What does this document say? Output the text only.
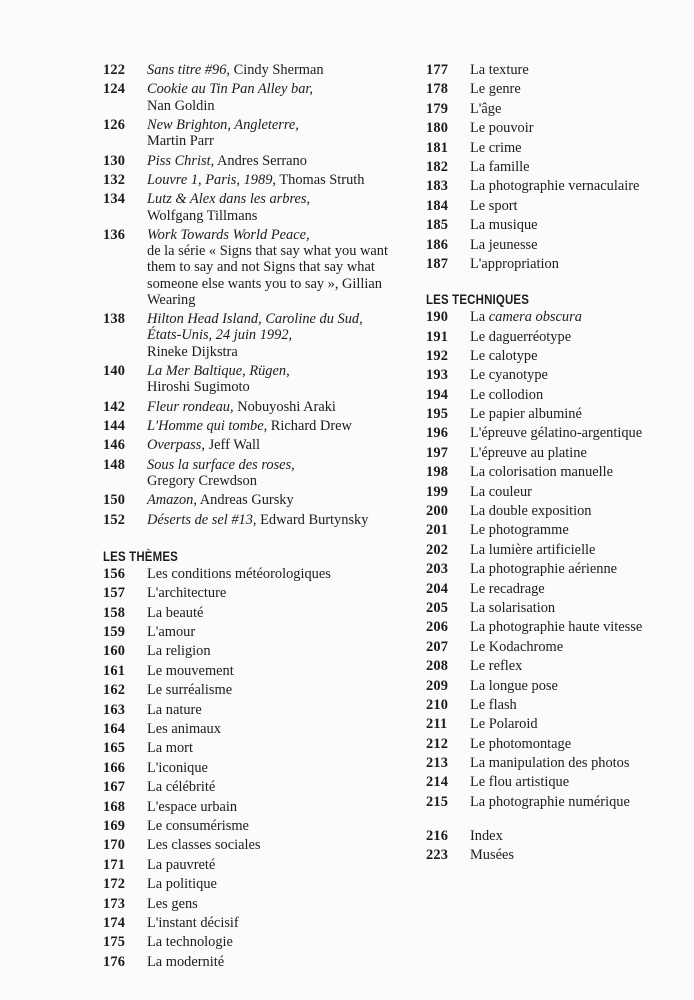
122	Sans titre #96, Cindy Sherman
124	Cookie au Tin Pan Alley bar,
Nan Goldin
126	New Brighton, Angleterre,
Martin Parr
130	Piss Christ, Andres Serrano
132	Louvre 1, Paris, 1989, Thomas Struth
134	Lutz & Alex dans les arbres,
Wolfgang Tillmans
136	Work Towards World Peace,
de la série « Signs that say what you want them to say and not Signs that say what someone else wants you to say », Gillian Wearing
138	Hilton Head Island, Caroline du Sud, États-Unis, 24 juin 1992,
Rineke Dijkstra
140	La Mer Baltique, Rügen,
Hiroshi Sugimoto
142	Fleur rondeau, Nobuyoshi Araki
144	L'Homme qui tombe, Richard Drew
146	Overpass, Jeff Wall
148	Sous la surface des roses,
Gregory Crewdson
150	Amazon, Andreas Gursky
152	Déserts de sel #13, Edward Burtynsky
LES THÈMES
156	Les conditions météorologiques
157	L'architecture
158	La beauté
159	L'amour
160	La religion
161	Le mouvement
162	Le surréalisme
163	La nature
164	Les animaux
165	La mort
166	L'iconique
167	La célébrité
168	L'espace urbain
169	Le consumérisme
170	Les classes sociales
171	La pauvreté
172	La politique
173	Les gens
174	L'instant décisif
175	La technologie
176	La modernité
177	La texture
178	Le genre
179	L'âge
180	Le pouvoir
181	Le crime
182	La famille
183	La photographie vernaculaire
184	Le sport
185	La musique
186	La jeunesse
187	L'appropriation
LES TECHNIQUES
190	La camera obscura
191	Le daguerréotype
192	Le calotype
193	Le cyanotype
194	Le collodion
195	Le papier albuminé
196	L'épreuve gélatino-argentique
197	L'épreuve au platine
198	La colorisation manuelle
199	La couleur
200	La double exposition
201	Le photogramme
202	La lumière artificielle
203	La photographie aérienne
204	Le recadrage
205	La solarisation
206	La photographie haute vitesse
207	Le Kodachrome
208	Le reflex
209	La longue pose
210	Le flash
211	Le Polaroid
212	Le photomontage
213	La manipulation des photos
214	Le flou artistique
215	La photographie numérique
216	Index
223	Musées
